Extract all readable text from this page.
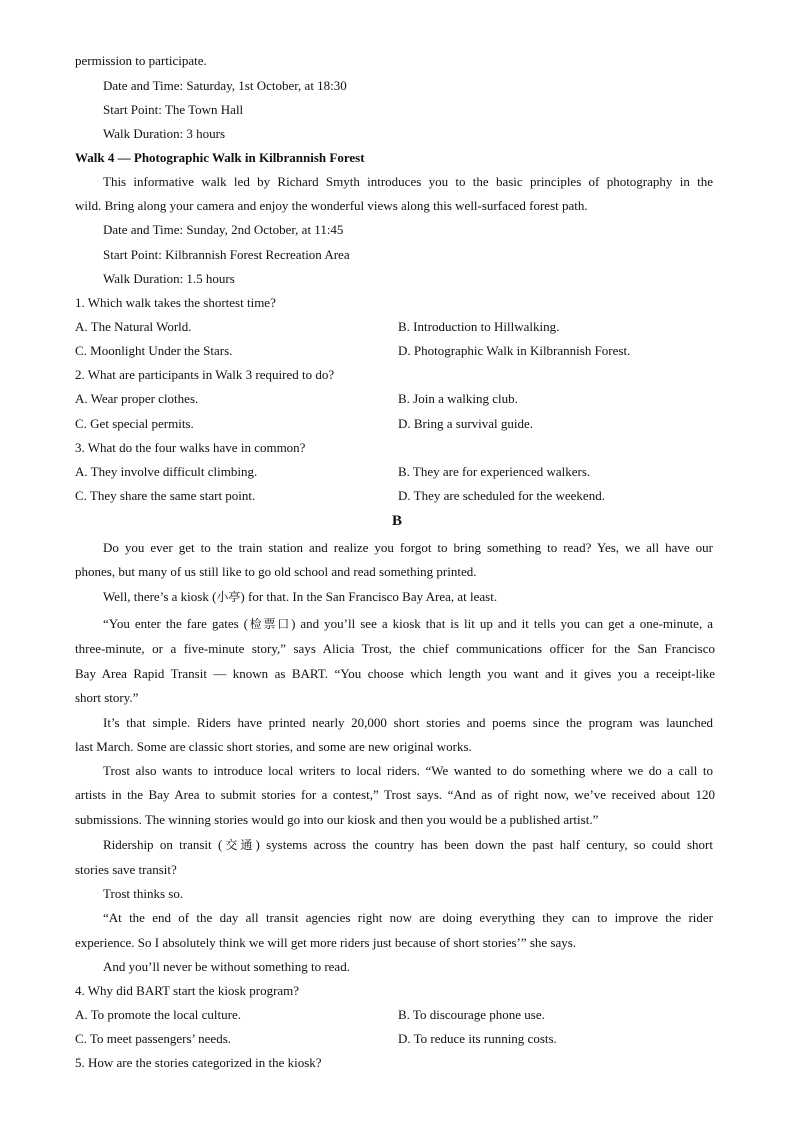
permission to participate.
Date and Time: Saturday, 1st October, at 18:30
Start Point: The Town Hall
Walk Duration: 3 hours
Walk 4 — Photographic Walk in Kilbrannish Forest
This informative walk led by Richard Smyth introduces you to the basic principles of photography in the
wild. Bring along your camera and enjoy the wonderful views along this well-surfaced forest path.
Date and Time: Sunday, 2nd October, at 11:45
Start Point: Kilbrannish Forest Recreation Area
Walk Duration: 1.5 hours
1. Which walk takes the shortest time?
A. The Natural World.	B. Introduction to Hillwalking.
C. Moonlight Under the Stars.	D. Photographic Walk in Kilbrannish Forest.
2. What are participants in Walk 3 required to do?
A. Wear proper clothes.	B. Join a walking club.
C. Get special permits.	D. Bring a survival guide.
3. What do the four walks have in common?
A. They involve difficult climbing.	B. They are for experienced walkers.
C. They share the same start point.	D. They are scheduled for the weekend.
B
Do you ever get to the train station and realize you forgot to bring something to read? Yes, we all have our
phones, but many of us still like to go old school and read something printed.
Well, there’s a kiosk (小亭) for that. In the San Francisco Bay Area, at least.
“You enter the fare gates (检票口) and you’ll see a kiosk that is lit up and it tells you can get a one-minute, a
three-minute, or a five-minute story,” says Alicia Trost, the chief communications officer for the San Francisco
Bay Area Rapid Transit — known as BART. “You choose which length you want and it gives you a receipt-like
short story.”
It’s that simple. Riders have printed nearly 20,000 short stories and poems since the program was launched
last March. Some are classic short stories, and some are new original works.
Trost also wants to introduce local writers to local riders. “We wanted to do something where we do a call to
artists in the Bay Area to submit stories for a contest,” Trost says. “And as of right now, we’ve received about 120
submissions. The winning stories would go into our kiosk and then you would be a published artist.”
Ridership on transit (交通) systems across the country has been down the past half century, so could short
stories save transit?
Trost thinks so.
“At the end of the day all transit agencies right now are doing everything they can to improve the rider
experience. So I absolutely think we will get more riders just because of short stories’” she says.
And you’ll never be without something to read.
4. Why did BART start the kiosk program?
A. To promote the local culture.	B. To discourage phone use.
C. To meet passengers’ needs.	D. To reduce its running costs.
5. How are the stories categorized in the kiosk?
